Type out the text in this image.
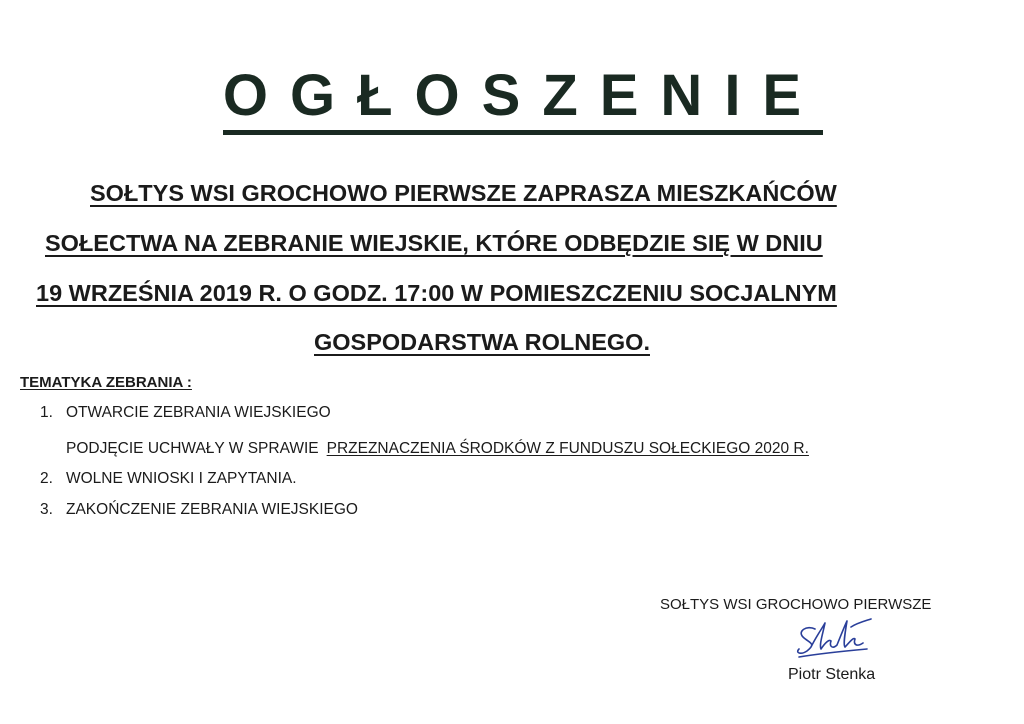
OGŁOSZENIE
SOŁTYS WSI GROCHOWO PIERWSZE ZAPRASZA MIESZKAŃCÓW
SOŁECTWA NA ZEBRANIE WIEJSKIE, KTÓRE ODBĘDZIE SIĘ W DNIU
19 WRZEŚNIA 2019 R. O GODZ. 17:00 W POMIESZCZENIU SOCJALNYM
GOSPODARSTWA ROLNEGO.
TEMATYKA ZEBRANIA :
1. OTWARCIE ZEBRANIA WIEJSKIEGO
PODJĘCIE UCHWAŁY W SPRAWIE PRZEZNACZENIA ŚRODKÓW Z FUNDUSZU SOŁECKIEGO 2020 R.
2. WOLNE WNIOSKI I ZAPYTANIA.
3. ZAKOŃCZENIE ZEBRANIA WIEJSKIEGO
SOŁTYS WSI GROCHOWO PIERWSZE
Piotr Stenka
